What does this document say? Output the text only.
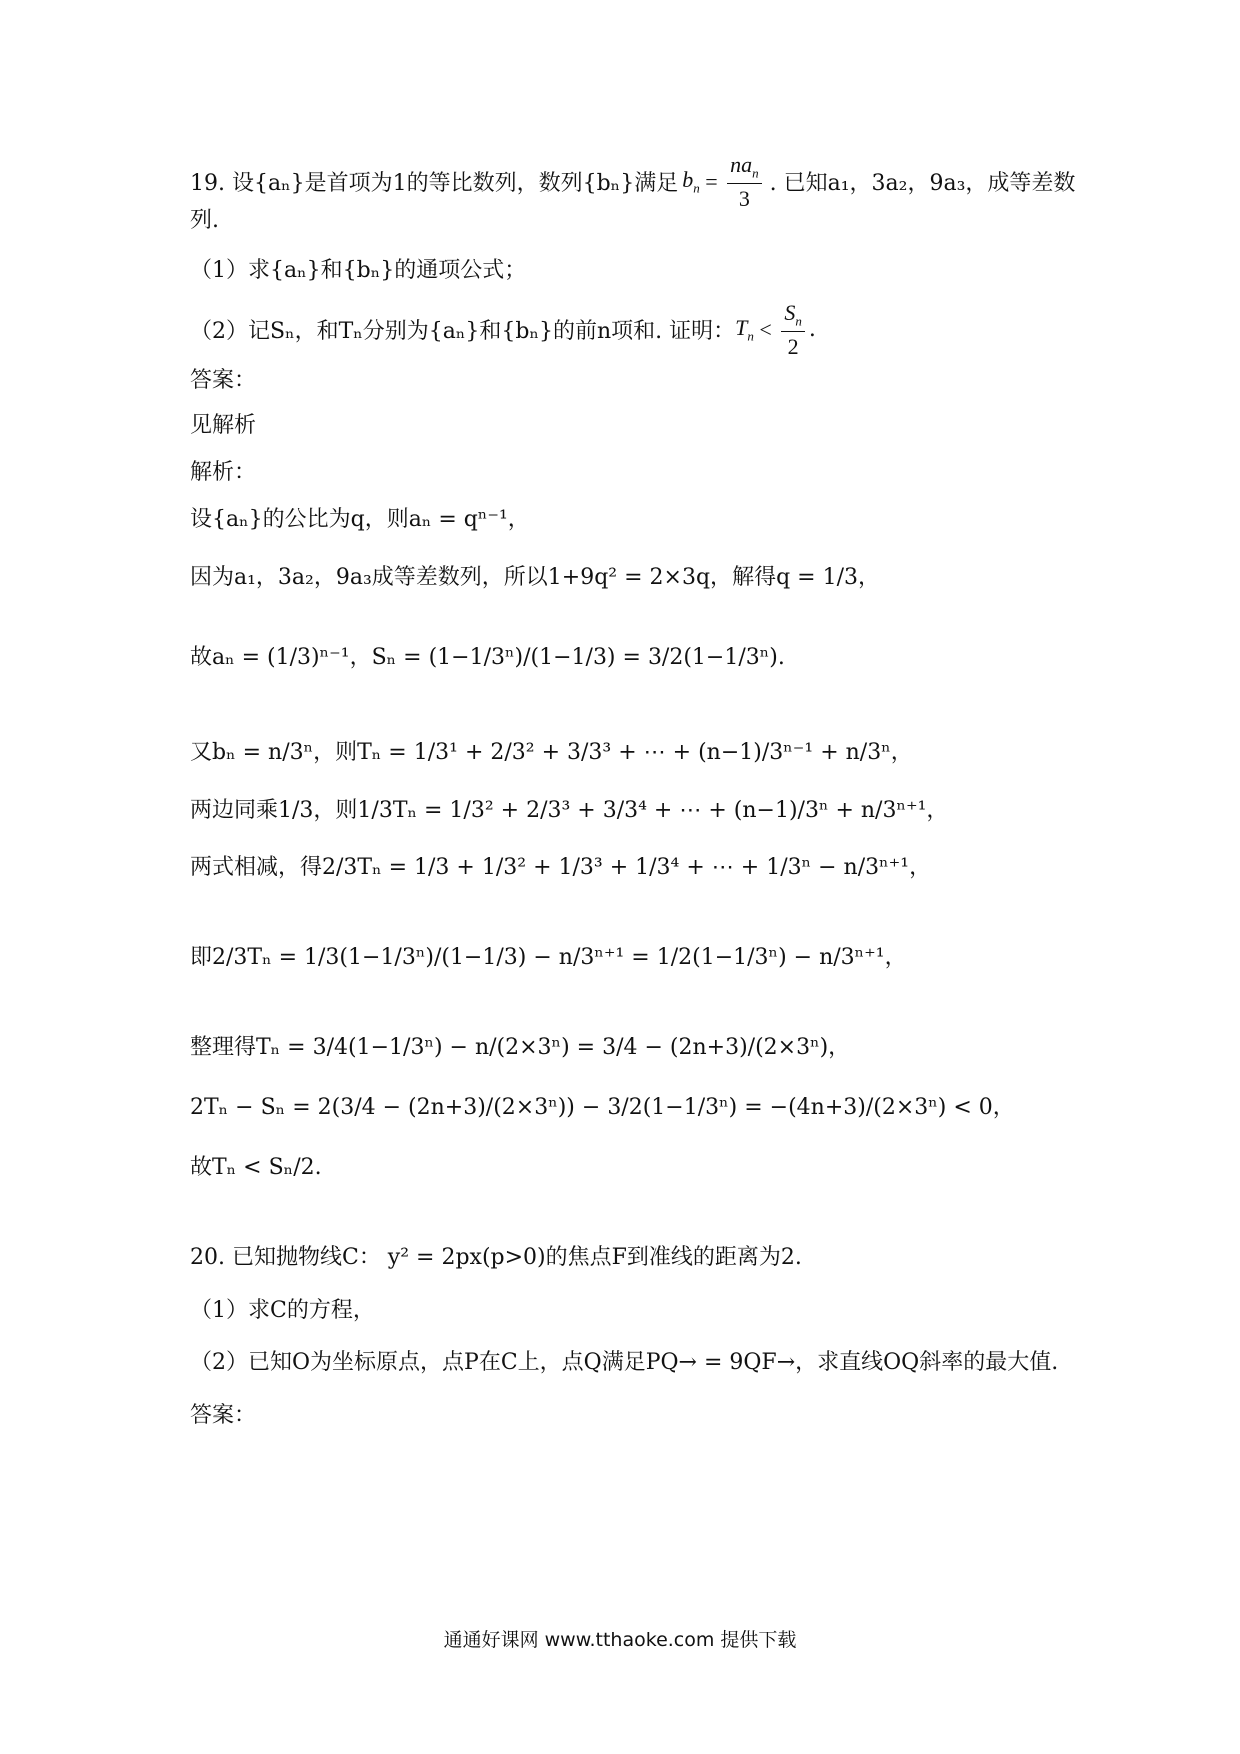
19. 设{aₙ}是首项为1的等比数列，数列{bₙ}满足 $b_n = \frac{na_n}{3}$ . 已知a₁，3a₂，9a₃，成等差数
列.
（1）求{aₙ}和{bₙ}的通项公式；
（2）记Sₙ，和Tₙ分别为{aₙ}和{bₙ}的前n项和. 证明： $T_n < \frac{S_n}{2}$ .
答案：
见解析
解析：
设{aₙ}的公比为q，则aₙ = qⁿ⁻¹，
因为a₁，3a₂，9a₃成等差数列，所以1+9q² = 2×3q，解得q = 1/3，
故aₙ = (1/3)ⁿ⁻¹，Sₙ = (1−1/3ⁿ)/(1−1/3) = 3/2(1−1/3ⁿ).
又bₙ = n/3ⁿ，则Tₙ = 1/3¹ + 2/3² + 3/3³ + ⋯ + (n−1)/3ⁿ⁻¹ + n/3ⁿ，
两边同乘1/3，则1/3Tₙ = 1/3² + 2/3³ + 3/3⁴ + ⋯ + (n−1)/3ⁿ + n/3ⁿ⁺¹，
两式相减，得2/3Tₙ = 1/3 + 1/3² + 1/3³ + 1/3⁴ + ⋯ + 1/3ⁿ − n/3ⁿ⁺¹，
即2/3Tₙ = 1/3(1−1/3ⁿ)/(1−1/3) − n/3ⁿ⁺¹ = 1/2(1−1/3ⁿ) − n/3ⁿ⁺¹，
整理得Tₙ = 3/4(1−1/3ⁿ) − n/(2×3ⁿ) = 3/4 − (2n+3)/(2×3ⁿ)，
2Tₙ − Sₙ = 2(3/4 − (2n+3)/(2×3ⁿ)) − 3/2(1−1/3ⁿ) = −(4n+3)/(2×3ⁿ) < 0，
故Tₙ < Sₙ/2.
20. 已知抛物线C： y² = 2px(p>0)的焦点F到准线的距离为2.
（1）求C的方程，
（2）已知O为坐标原点，点P在C上，点Q满足PQ→ = 9QF→，求直线OQ斜率的最大值.
答案：
通通好课网 www.tthaoke.com 提供下载
